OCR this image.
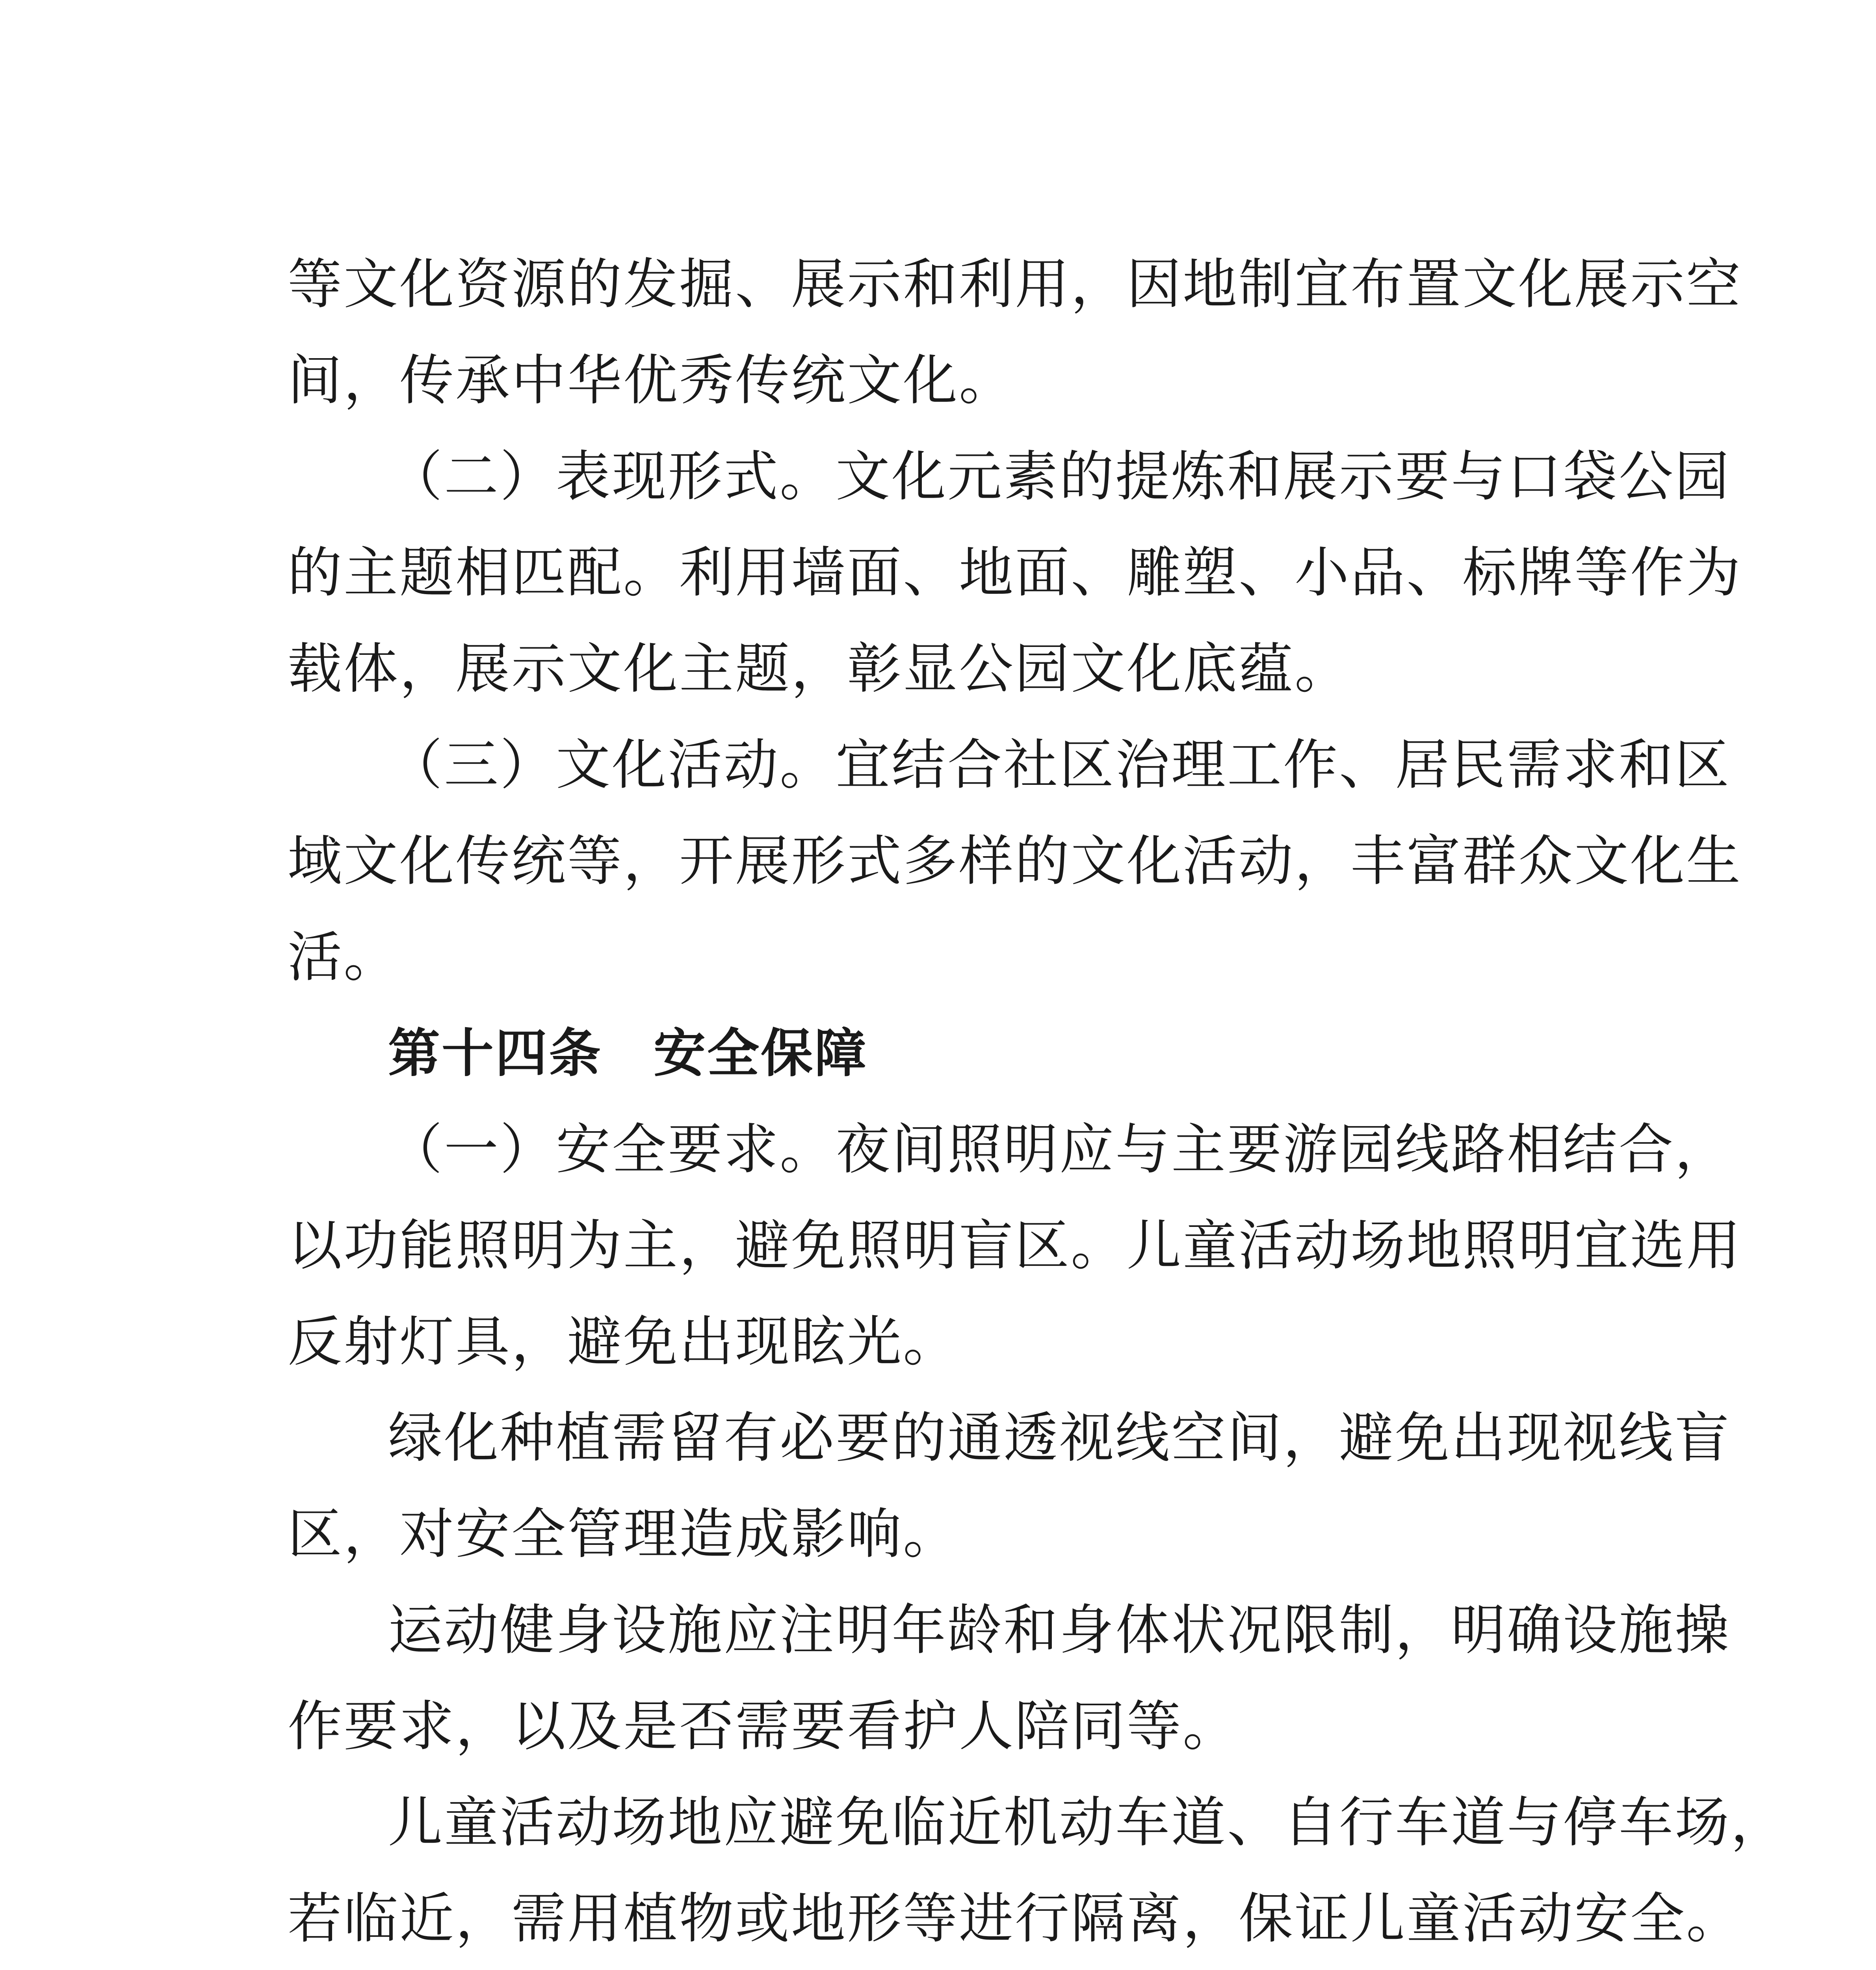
等文化资源的发掘、展示和利用，因地制宜布置文化展示空
间，传承中华优秀传统文化。
（二）表现形式。文化元素的提炼和展示要与口袋公园
的主题相匹配。利用墙面、地面、雕塑、小品、标牌等作为
载体，展示文化主题，彰显公园文化底蕴。
（三）文化活动。宜结合社区治理工作、居民需求和区
域文化传统等，开展形式多样的文化活动，丰富群众文化生
活。
第十四条 安全保障
（一）安全要求。夜间照明应与主要游园线路相结合，
以功能照明为主，避免照明盲区。儿童活动场地照明宜选用
反射灯具，避免出现眩光。
绿化种植需留有必要的通透视线空间，避免出现视线盲
区，对安全管理造成影响。
运动健身设施应注明年龄和身体状况限制，明确设施操
作要求，以及是否需要看护人陪同等。
儿童活动场地应避免临近机动车道、自行车道与停车场，
若临近，需用植物或地形等进行隔离，保证儿童活动安全。
